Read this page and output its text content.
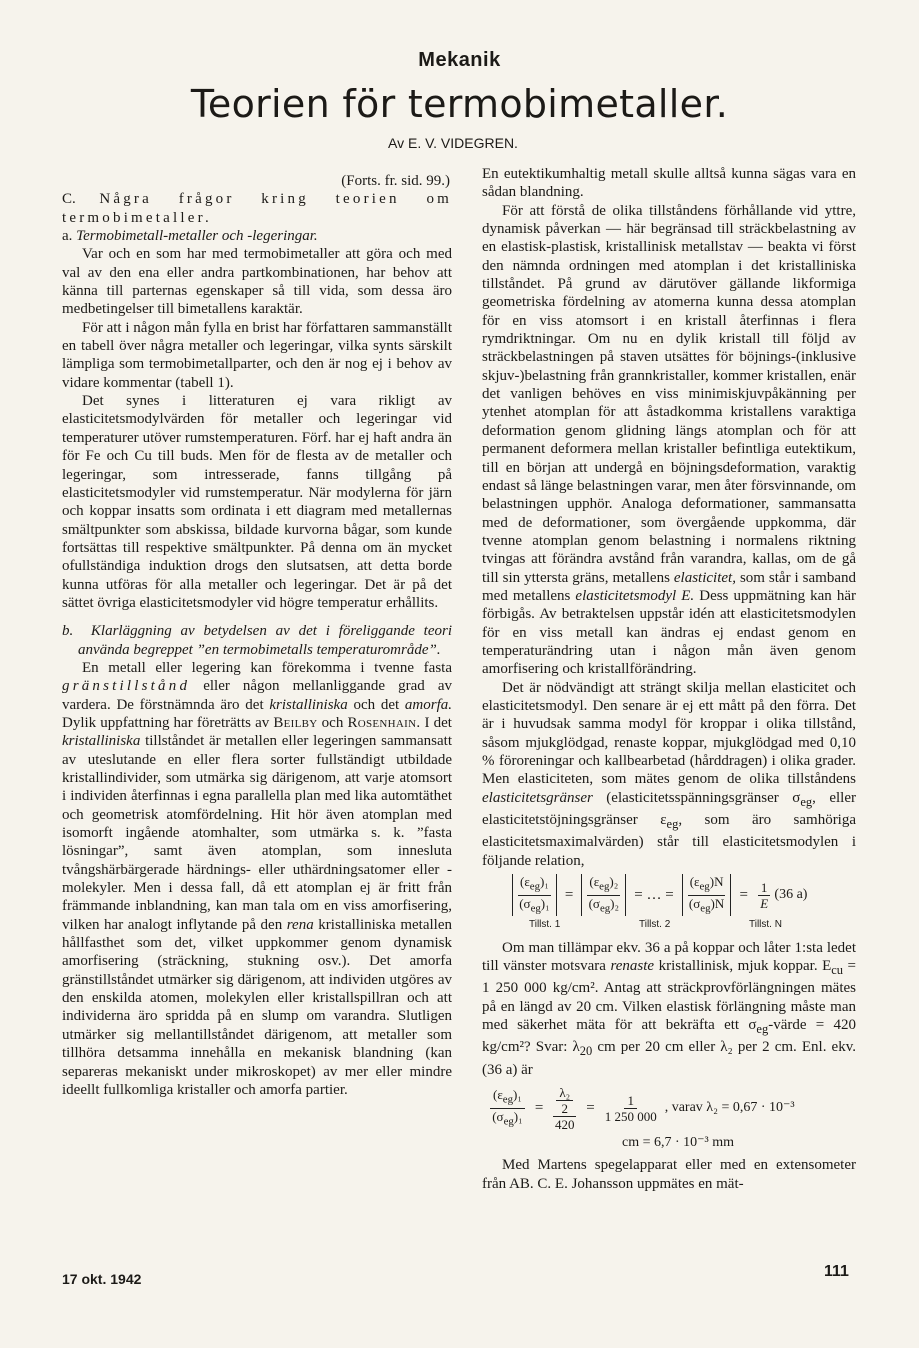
Mekanik
Teorien för termobimetaller.
Av E. V. VIDEGREN.

(Forts. fr. sid. 99.)

C. Några frågor kring teorien om termobimetaller.

a. Termobimetall-metaller och -legeringar.

Var och en som har med termobimetaller att göra och med val av den ena eller andra partkombinationen, har behov att känna till parternas egenskaper så till vida, som dessa äro medbetingelser till bimetallens karaktär.

För att i någon mån fylla en brist har författaren sammanställt en tabell över några metaller och legeringar, vilka synts särskilt lämpliga som termobimetallparter, och den är nog ej i behov av vidare kommentar (tabell 1).

Det synes i litteraturen ej vara rikligt av elasticitetsmodylvärden för metaller och legeringar vid temperaturer utöver rumstemperaturen. Förf. har ej haft andra än för Fe och Cu till buds. Men för de flesta av de metaller och legeringar, som intresserade, fanns tillgång på elasticitetsmodyler vid rumstemperatur. När modylerna för järn och koppar insatts som ordinata i ett diagram med metallernas smältpunkter som abskissa, bildade kurvorna bågar, som kunde fortsättas till respektive smältpunkter. På denna om än mycket ofullständiga induktion drogs den slutsatsen, att detta borde kunna utföras för alla metaller och legeringar. Det är på det sättet övriga elasticitetsmodyler vid högre temperatur erhållits.

b. Klarläggning av betydelsen av det i föreliggande teori använda begreppet ”en termobimetalls temperaturområde”.

En metall eller legering kan förekomma i tvenne fasta gränstillstånd eller någon mellanliggande grad av vardera. De förstnämnda äro det kristalliniska och det amorfa. Dylik uppfattning har företrätts av Beilby och Rosenhain. I det kristalliniska tillståndet är metallen eller legeringen sammansatt av uteslutande en eller flera sorter fullständigt utbildade kristallindivider, som utmärka sig därigenom, att varje atomsort i individen återfinnas i egna parallella plan med lika automtäthet och geometrisk atomfördelning. Hit hör även atomplan med isomorft ingående atomhalter, som utmärka s. k. ”fasta lösningar”, samt även atomplan, som innesluta tvångshärbärgerade härdnings- eller uthärdningsatomer eller -molekyler. Men i dessa fall, då ett atomplan ej är fritt från främmande inblandning, kan man tala om en viss amorfisering, vilken har analogt inflytande på den rena kristalliniska metallen hållfasthet som det, vilket uppkommer genom dynamisk amorfisering (sträckning, stukning osv.). Det amorfa gränstillståndet utmärker sig därigenom, att individen utgöres av den enskilda atomen, molekylen eller kristallspillran och att individerna äro spridda på en slump om varandra. Slutligen utmärker sig mellantillståndet därigenom, att metaller som tillhöra detsamma innehålla en mekanisk blandning (kan separeras mekaniskt under mikroskopet) av mer eller mindre ideellt fullkomliga kristaller och amorfa partier.

En eutektikumhaltig metall skulle alltså kunna sägas vara en sådan blandning.

För att förstå de olika tillståndens förhållande vid yttre, dynamisk påverkan — här begränsad till sträckbelastning av en elastisk-plastisk, kristallinisk metallstav — beakta vi först den nämnda ordningen med atomplan i det kristalliniska tillståndet. På grund av därutöver gällande likformiga geometriska fördelning av atomerna kunna dessa atomplan för en viss atomsort i en kristall återfinnas i flera rymdriktningar. Om nu en dylik kristall till följd av sträckbelastningen på staven utsättes för böjnings-(inklusive skjuv-)belastning från grannkristaller, kommer kristallen, enär det vanligen behöves en viss minimiskjuvpåkänning per ytenhet atomplan för att åstadkomma kristallens varaktiga deformation genom glidning längs atomplan och för att permanent deformera mellan kristaller befintliga eutektikum, till en början att undergå en böjningsdeformation, varaktig endast så länge belastningen varar, men åter försvinnande, om belastningen upphör. Analoga deformationer, sammansatta med de deformationer, som övergående uppkomma, där tvenne atomplan genom belastning i normalens riktning tvingas att förändra avstånd från varandra, kallas, om de gå till sin yttersta gräns, metallens elasticitet, som står i samband med metallens elasticitetsmodyl E. Dess uppmätning kan här förbigås. Av betraktelsen uppstår idén att elasticitetsmodylen för en viss metall kan ändras ej endast genom en temperaturändring utan i någon mån även genom amorfisering och kristallförändring.

Det är nödvändigt att strängt skilja mellan elasticitet och elasticitetsmodyl. Den senare är ej ett mått på den förra. Det är i huvudsak samma modyl för kroppar i olika tillstånd, såsom mjukglödgad, renaste koppar, mjukglödgad med 0,10 % föroreningar och kallbearbetad (hårddragen) i olika grader. Men elasticiteten, som mätes genom de olika tillståndens elasticitetsgränser (elasticitetsspänningsgränser $\sigma_{eg}$, eller elasticitetstöjningsgränser $\varepsilon_{eg}$, som äro samhöriga elasticitetsmaximalvärden) står till elasticitetsmodylen i följande relation,

$(\varepsilon_{eg})_1$
$(\sigma_{eg})_1$
=
$(\varepsilon_{eg})_2$
$(\sigma_{eg})_2$
= … =
$(\varepsilon_{eg})N$
$(\sigma_{eg})N$
= $\frac{1}{E} (36$ a)
Tillst. 1	Tillst. 2	Tillst. N

Om man tillämpar ekv. 36 a på koppar och låter 1:sta ledet till vänster motsvara renaste kristallinisk, mjuk koppar. $E_{cu} = 1$ 250 000 kg/cm². Antag att sträckprovförlängningen mätes på en längd av 20 cm. Vilken elastisk förlängning måste man med säkerhet mäta för att bekräfta ett $\sigma_{eg}$-värde = 420 kg/cm²? Svar: $\lambda_{20}$ cm per 20 cm eller λ₂ per 2 cm. Enl. ekv. (36 a) är

$\frac{(\varepsilon_{eg})_1}{(\sigma_{eg})_1} = \frac{\frac{\text{λ₂}}{2}}{420} = \frac{1}{1 250 000}$ , varav λ₂ = 0,67 · 10⁻³
cm = 6,7 · 10⁻³ mm

Med Martens spegelapparat eller med en extensometer från AB. C. E. Johansson uppmätes en mät-

17 okt. 1942	111
